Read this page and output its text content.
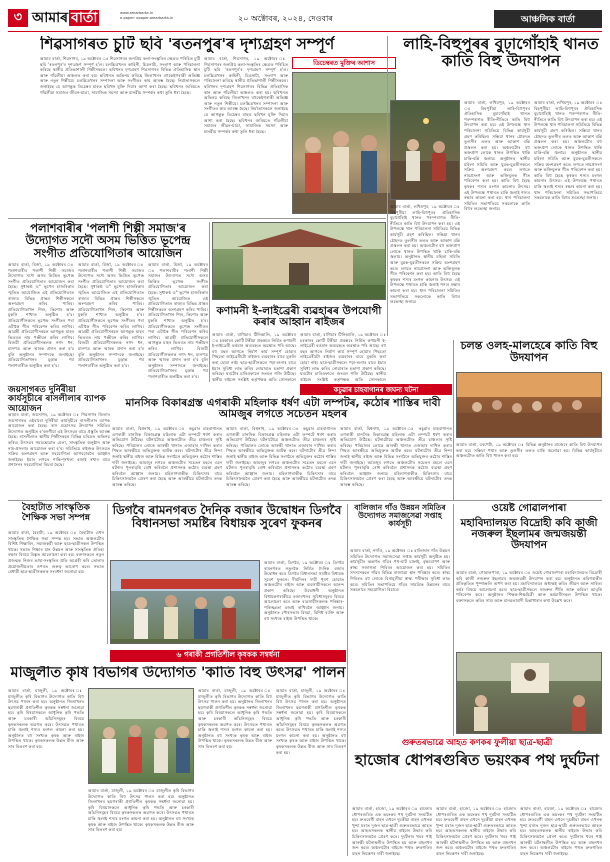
৩ আমাৰ বাৰ্তা	www.amarbarta.in
e-paper: epaper.amarbarta.in	২০ অক্টোবৰ, ২০২৪, দেওবাৰ	আঞ্চলিক বাৰ্তা
শিৱসাগৰত চুটি ছবি 'ৰতনপুৰ'ৰ দৃশ্যগ্ৰহণ সম্পূৰ্ণ
আমাৰ বাৰ্তা, শিৱসাগৰ, ১৯ অক্টোবৰ ঃ শিৱসাগৰৰ জনপ্ৰিয় কলা-সংস্কৃতিৰ ক্ষেত্ৰত পৰিচিত চুটি ছবি 'ৰতনপুৰ'ৰ দৃশ্যগ্ৰহণ সম্পূৰ্ণ হ'ল। চলচ্চিত্ৰখনৰ কাহিনী, চিত্ৰনাট্য, সংলাপ আৰু পৰিচালনা কৰিছে স্থানীয় প্ৰতিভাশালী শিল্পীসকলে। ছবিখনৰ দৃশ্যগ্ৰহণ শিৱসাগৰৰ বিভিন্ন ঐতিহাসিক স্থান আৰু গাঁৱলীয়া অঞ্চলত কৰা হয়। ছবিখনত অভিনয় কৰিছে জিলাখনৰ বহুকেইগৰাকী অভিজ্ঞ আৰু নতুন শিল্পীয়ে। চলচ্চিত্ৰখনৰ সম্পাদনা আৰু সংগীতৰ কাম আৰম্ভ হৈছে। নিৰ্মাতাসকলে জনাইছে যে আগন্তুক ডিচেম্বৰ মাহত ছবিখন মুক্তি দিয়াৰ আশা কৰা হৈছে। ছবিখনৰ জৰিয়তে গাঁৱলীয়া সমাজৰ জীৱন-যাত্ৰা, সামাজিক সমস্যা আৰু মানৱীয় সম্পৰ্কৰ কথা তুলি ধৰা হৈছে।
আমাৰ বাৰ্তা, শিৱসাগৰ, ১৯ অক্টোবৰ ঃ শিৱসাগৰৰ জনপ্ৰিয় কলা-সংস্কৃতিৰ ক্ষেত্ৰত পৰিচিত চুটি ছবি 'ৰতনপুৰ'ৰ দৃশ্যগ্ৰহণ সম্পূৰ্ণ হ'ল। চলচ্চিত্ৰখনৰ কাহিনী, চিত্ৰনাট্য, সংলাপ আৰু পৰিচালনা কৰিছে স্থানীয় প্ৰতিভাশালী শিল্পীসকলে। ছবিখনৰ দৃশ্যগ্ৰহণ শিৱসাগৰৰ বিভিন্ন ঐতিহাসিক স্থান আৰু গাঁৱলীয়া অঞ্চলত কৰা হয়। ছবিখনত অভিনয় কৰিছে জিলাখনৰ বহুকেইগৰাকী অভিজ্ঞ আৰু নতুন শিল্পীয়ে। চলচ্চিত্ৰখনৰ সম্পাদনা আৰু সংগীতৰ কাম আৰম্ভ হৈছে। নিৰ্মাতাসকলে জনাইছে যে আগন্তুক ডিচেম্বৰ মাহত ছবিখন মুক্তি দিয়াৰ আশা কৰা হৈছে। ছবিখনৰ জৰিয়তে গাঁৱলীয়া সমাজৰ জীৱন-যাত্ৰা, সামাজিক সমস্যা আৰু মানৱীয় সম্পৰ্কৰ কথা তুলি ধৰা হৈছে।
ডিচেম্বৰত মুক্তিৰ আশাস
লাহি-বিহুপুৰৰ বুঢ়াগোঁহাই থানত কাতি বিহু উদযাপন
আমাৰ বাৰ্তা, লখিমপুৰ, ১৯ অক্টোবৰ ঃ বিহপুৰীয়া লাহি-বিহুপুৰৰ ঐতিহাসিক বুঢ়াগোঁহাই থানত পৰম্পৰাগত ৰীতি-নীতিৰে কাতি বিহু উদযাপন কৰা হয়। এই উপলক্ষে থান পৰিচালনা সমিতিয়ে বিভিন্ন কাৰ্যসূচী গ্ৰহণ কৰিছিল। সন্ধিয়া থানৰ চৌহদত তুলসীৰ তলত আৰু আকাশ বন্তি প্ৰজ্বলন কৰা হয়। অঞ্চলটোৰ বহু ভক্তপ্ৰাণ লোকে থানত উপস্থিত থাকি চাকি-বন্তি জ্বলায়। অনুষ্ঠানত স্থানীয় মহিলা সমিতি আৰু যুৱক-যুৱতীসকলে সক্ৰিয় অংশগ্ৰহণ কৰে। লগতে নামপ্ৰসংগ আৰু ভক্তিমূলক গীত পৰিবেশন কৰা হয়। কাতি বিহু হৈছে কৃষকৰ শস্যৰ মংগল কামনাৰ উৎসৱ। এই উপলক্ষে পথাৰত চাকি জ্বলাই শস্যৰ ৰক্ষাৰ কামনা কৰা হয়। থান পৰিচালনা সমিতিৰ সভাপতিয়ে সকলোকে কাতি বিহুৰ শুভেচ্ছা জনায়।
আমাৰ বাৰ্তা, লখিমপুৰ, ১৯ অক্টোবৰ ঃ বিহপুৰীয়া লাহি-বিহুপুৰৰ ঐতিহাসিক বুঢ়াগোঁহাই থানত পৰম্পৰাগত ৰীতি-নীতিৰে কাতি বিহু উদযাপন কৰা হয়। এই উপলক্ষে থান পৰিচালনা সমিতিয়ে বিভিন্ন কাৰ্যসূচী গ্ৰহণ কৰিছিল। সন্ধিয়া থানৰ চৌহদত তুলসীৰ তলত আৰু আকাশ বন্তি প্ৰজ্বলন কৰা হয়। অঞ্চলটোৰ বহু ভক্তপ্ৰাণ লোকে থানত উপস্থিত থাকি চাকি-বন্তি জ্বলায়। অনুষ্ঠানত স্থানীয় মহিলা সমিতি আৰু যুৱক-যুৱতীসকলে সক্ৰিয় অংশগ্ৰহণ কৰে। লগতে নামপ্ৰসংগ আৰু ভক্তিমূলক গীত পৰিবেশন কৰা হয়। কাতি বিহু হৈছে কৃষকৰ শস্যৰ মংগল কামনাৰ উৎসৱ। এই উপলক্ষে পথাৰত চাকি জ্বলাই শস্যৰ ৰক্ষাৰ কামনা কৰা হয়। থান পৰিচালনা সমিতিৰ সভাপতিয়ে সকলোকে কাতি বিহুৰ শুভেচ্ছা জনায়।
আমাৰ বাৰ্তা, লখিমপুৰ, ১৯ অক্টোবৰ ঃ বিহপুৰীয়া লাহি-বিহুপুৰৰ ঐতিহাসিক বুঢ়াগোঁহাই থানত পৰম্পৰাগত ৰীতি-নীতিৰে কাতি বিহু উদযাপন কৰা হয়। এই উপলক্ষে থান পৰিচালনা সমিতিয়ে বিভিন্ন কাৰ্যসূচী গ্ৰহণ কৰিছিল। সন্ধিয়া থানৰ চৌহদত তুলসীৰ তলত আৰু আকাশ বন্তি প্ৰজ্বলন কৰা হয়। অঞ্চলটোৰ বহু ভক্তপ্ৰাণ লোকে থানত উপস্থিত থাকি চাকি-বন্তি জ্বলায়। অনুষ্ঠানত স্থানীয় মহিলা সমিতি আৰু যুৱক-যুৱতীসকলে সক্ৰিয় অংশগ্ৰহণ কৰে। লগতে নামপ্ৰসংগ আৰু ভক্তিমূলক গীত পৰিবেশন কৰা হয়। কাতি বিহু হৈছে কৃষকৰ শস্যৰ মংগল কামনাৰ উৎসৱ। এই উপলক্ষে পথাৰত চাকি জ্বলাই শস্যৰ ৰক্ষাৰ কামনা কৰা হয়। থান পৰিচালনা সমিতিৰ সভাপতিয়ে সকলোকে কাতি বিহুৰ শুভেচ্ছা জনায়।
পলাশবাৰীৰ 'পলাশী শিল্পী সমাজ'ৰ উদ্যোগত সদৌ অসম ভিত্তিত ভূপেন্দ্ৰ সংগীত প্ৰতিযোগিতাৰ আয়োজন
আমাৰ বাৰ্তা, মিৰ্জা, ১৯ অক্টোবৰ ঃ পলাশবাৰীৰ পলাশী শিল্পী সমাজৰ উদ্যোগত সদৌ অসম ভিত্তিত ভূপেন্দ্ৰ সংগীত প্ৰতিযোগিতাৰ আয়োজন কৰা হৈছে। সুধাকণ্ঠ ড° ভূপেন হাজৰিকাৰ স্মৃতিত আয়োজিত এই প্ৰতিযোগিতাত ৰাজ্যৰ বিভিন্ন প্ৰান্তৰ শিল্পীসকলে অংশগ্ৰহণ কৰিব পাৰিব। প্ৰতিযোগিতাখন শিশু, কিশোৰ আৰু মুকলি শাখাত অনুষ্ঠিত হ'ব। প্ৰতিযোগীসকলে ভূপেন্দ্ৰ সংগীতৰ পৰা এটাকৈ গীত পৰিবেশন কৰিব লাগিব। আগ্ৰহী প্ৰতিযোগীসকলে আগন্তুক মাহৰ ভিতৰত নাম পঞ্জীয়ন কৰিব লাগিব। বিজয়ী প্ৰতিযোগীসকলক নগদ ধন, মানপত্ৰ আৰু স্মাৰক প্ৰদান কৰা হ'ব বুলি অনুষ্ঠানৰ সম্পাদকে জনাইছে। প্ৰতিযোগিতাখনৰ চূড়ান্ত পৰ্ব পলাশবাৰীত অনুষ্ঠিত কৰা হ'ব।
আমাৰ বাৰ্তা, মিৰ্জা, ১৯ অক্টোবৰ ঃ পলাশবাৰীৰ পলাশী শিল্পী সমাজৰ উদ্যোগত সদৌ অসম ভিত্তিত ভূপেন্দ্ৰ সংগীত প্ৰতিযোগিতাৰ আয়োজন কৰা হৈছে। সুধাকণ্ঠ ড° ভূপেন হাজৰিকাৰ স্মৃতিত আয়োজিত এই প্ৰতিযোগিতাত ৰাজ্যৰ বিভিন্ন প্ৰান্তৰ শিল্পীসকলে অংশগ্ৰহণ কৰিব পাৰিব। প্ৰতিযোগিতাখন শিশু, কিশোৰ আৰু মুকলি শাখাত অনুষ্ঠিত হ'ব। প্ৰতিযোগীসকলে ভূপেন্দ্ৰ সংগীতৰ পৰা এটাকৈ গীত পৰিবেশন কৰিব লাগিব। আগ্ৰহী প্ৰতিযোগীসকলে আগন্তুক মাহৰ ভিতৰত নাম পঞ্জীয়ন কৰিব লাগিব। বিজয়ী প্ৰতিযোগীসকলক নগদ ধন, মানপত্ৰ আৰু স্মাৰক প্ৰদান কৰা হ'ব বুলি অনুষ্ঠানৰ সম্পাদকে জনাইছে। প্ৰতিযোগিতাখনৰ চূড়ান্ত পৰ্ব পলাশবাৰীত অনুষ্ঠিত কৰা হ'ব।
আমাৰ বাৰ্তা, মিৰ্জা, ১৯ অক্টোবৰ ঃ পলাশবাৰীৰ পলাশী শিল্পী সমাজৰ উদ্যোগত সদৌ অসম ভিত্তিত ভূপেন্দ্ৰ সংগীত প্ৰতিযোগিতাৰ আয়োজন কৰা হৈছে। সুধাকণ্ঠ ড° ভূপেন হাজৰিকাৰ স্মৃতিত আয়োজিত এই প্ৰতিযোগিতাত ৰাজ্যৰ বিভিন্ন প্ৰান্তৰ শিল্পীসকলে অংশগ্ৰহণ কৰিব পাৰিব। প্ৰতিযোগিতাখন শিশু, কিশোৰ আৰু মুকলি শাখাত অনুষ্ঠিত হ'ব। প্ৰতিযোগীসকলে ভূপেন্দ্ৰ সংগীতৰ পৰা এটাকৈ গীত পৰিবেশন কৰিব লাগিব। আগ্ৰহী প্ৰতিযোগীসকলে আগন্তুক মাহৰ ভিতৰত নাম পঞ্জীয়ন কৰিব লাগিব। বিজয়ী প্ৰতিযোগীসকলক নগদ ধন, মানপত্ৰ আৰু স্মাৰক প্ৰদান কৰা হ'ব বুলি অনুষ্ঠানৰ সম্পাদকে জনাইছে। প্ৰতিযোগিতাখনৰ চূড়ান্ত পৰ্ব পলাশবাৰীত অনুষ্ঠিত কৰা হ'ব।
কণামনী ই-লাইব্ৰেৰী ব্যৱহাৰৰ উপযোগী কৰাৰ আহ্বান ৰাইজৰ
আমাৰ বাৰ্তা, বাগিচাৰ টিনিআলি, ১৯ অক্টোবৰ ঃ চৰকাৰৰ কোটি টকীয়া প্ৰকল্পৰে নিৰ্মিত কণামনী ই-লাইব্ৰেৰী বৰ্তমান অব্যৱহৃত অৱস্থাত পৰি আছে। বহু বছৰ আগতে নিৰ্মাণ কাৰ্য সম্পূৰ্ণ হোৱাৰ পিছতো লাইব্ৰেৰীটো ৰাইজৰ ব্যৱহাৰৰ বাবে মুকলি কৰা হোৱা নাই। ছাত্ৰ-ছাত্ৰীসকলে পঢ়া-শুনাৰ বাবে ইয়াৰ সুবিধা লাভ কৰিব নোৱাৰাত হতাশা প্ৰকাশ কৰিছে। ঘৰটোৰ চাৰিওফালে জংঘল গজি উঠিছে। স্থানীয় ৰাইজে সংশ্লিষ্ট কৰ্তৃপক্ষক অতি সোনকালে
আমাৰ বাৰ্তা, বাগিচাৰ টিনিআলি, ১৯ অক্টোবৰ ঃ চৰকাৰৰ কোটি টকীয়া প্ৰকল্পৰে নিৰ্মিত কণামনী ই-লাইব্ৰেৰী বৰ্তমান অব্যৱহৃত অৱস্থাত পৰি আছে। বহু বছৰ আগতে নিৰ্মাণ কাৰ্য সম্পূৰ্ণ হোৱাৰ পিছতো লাইব্ৰেৰীটো ৰাইজৰ ব্যৱহাৰৰ বাবে মুকলি কৰা হোৱা নাই। ছাত্ৰ-ছাত্ৰীসকলে পঢ়া-শুনাৰ বাবে ইয়াৰ সুবিধা লাভ কৰিব নোৱাৰাত হতাশা প্ৰকাশ কৰিছে। ঘৰটোৰ চাৰিওফালে জংঘল গজি উঠিছে। স্থানীয় ৰাইজে সংশ্লিষ্ট কৰ্তৃপক্ষক অতি সোনকালে
চলন্ত ওলহ-মালহেৰে কাতি বিহু উদযাপন
আমাৰ বাৰ্তা, বৰপেটা, ১৯ অক্টোবৰ ঃ বিভিন্ন অনুষ্ঠানৰ মাজেৰে কাতি বিহু উদযাপন কৰা হয়। সন্ধিয়া পথাৰ আৰু তুলসীৰ তলত চাকি জ্বলোৱা হয়। বিভিন্ন কাৰ্যসূচীৰে অঞ্চলটোত কাতি বিহু পালন কৰা হয়।
কচুৱাৰ চাহবাগানৰ জঘন্য ঘটনা
মানসিক বিকাৰগ্ৰস্ত এগৰাকী মহিলাক ধৰ্ষণ এটা লম্পটৰ, কঠোৰ শাস্তিৰ দাবী আমজুৰ লগতে সচেতন মহলৰ
জয়সাগৰত দুৰ্নিৰীয়া কাৰ্যসূচীৰে ৰাসলীলাৰ ব্যাপক আয়োজন
আমাৰ বাৰ্তা, জয়সাগৰ, ১৯ অক্টোবৰ ঃ শিৱসাগৰ জিলাৰ জয়সাগৰত এইবাৰো দুৰ্নিৰীয়া কাৰ্যসূচীৰে ৰাসলীলাৰ ব্যাপক আয়োজন কৰা হৈছে। ৰাস মহোৎসৱ উদযাপন সমিতিৰ উদ্যোগত অনুষ্ঠিত হ'বলগীয়া এই উৎসৱৰ বাবে প্ৰস্তুতি আৰম্ভ হৈছে। ৰাসলীলাত স্থানীয় শিল্পীসকলে বিভিন্ন চৰিত্ৰত অভিনয় কৰিব। উৎসৱৰ সময়ছোৱাত মেলা, সাংস্কৃতিক অনুষ্ঠান আৰু নাম-প্ৰসংগৰ আয়োজন কৰা হ'ব। সমিতিয়ে ৰাইজক উৎসৱত সক্ৰিয় অংশগ্ৰহণ আৰু সহযোগিতা আগবঢ়াবলৈ আহ্বান জনাইছে। ইয়াৰ লগতে শান্তি-শৃংখলা বজাই ৰখাৰ বাবে প্ৰশাসনৰ সহযোগিতা বিচৰা হৈছে।
আমাৰ বাৰ্তা, বিশ্বনাথ, ১৯ অক্টোবৰ ঃ কচুৱাৰ চাহবাগানত এগৰাকী মানসিক বিকাৰগ্ৰস্ত মহিলাক এটা লম্পটে ধৰ্ষণ কৰাৰ অভিযোগ উঠিছে। ঘটনাটোৱে অঞ্চলটোত তীব্ৰ চাঞ্চল্যৰ সৃষ্টি কৰিছে। পৰিয়ালৰ লোকে আৰক্ষী থানাত এজাহাৰ দাখিল কৰাৰ পিছত আৰক্ষীয়ে অভিযুক্তক আটক কৰে। ঘটনাটোৰ তীব্ৰ নিন্দা জনাই স্থানীয় ৰাইজ আৰু বিভিন্ন সংগঠনে অভিযুক্তৰ কঠোৰ শাস্তিৰ দাবী জনাইছে। আমজুৰ লগতে অঞ্চলটোৰ সচেতন মহলে এনে ঘটনাৰ পুনৰাবৃত্তি ৰোধ কৰিবলৈ প্ৰশাসনক কঠোৰ ব্যৱস্থা গ্ৰহণ কৰিবলৈ আহ্বান জনায়। মহিলাগৰাকীক চিকিৎসাৰ বাবে চিকিৎসালয়লৈ প্ৰেৰণ কৰা হৈছে আৰু আৰক্ষীয়ে ঘটনাটোৰ তদন্ত আৰম্ভ কৰিছে।
আমাৰ বাৰ্তা, বিশ্বনাথ, ১৯ অক্টোবৰ ঃ কচুৱাৰ চাহবাগানত এগৰাকী মানসিক বিকাৰগ্ৰস্ত মহিলাক এটা লম্পটে ধৰ্ষণ কৰাৰ অভিযোগ উঠিছে। ঘটনাটোৱে অঞ্চলটোত তীব্ৰ চাঞ্চল্যৰ সৃষ্টি কৰিছে। পৰিয়ালৰ লোকে আৰক্ষী থানাত এজাহাৰ দাখিল কৰাৰ পিছত আৰক্ষীয়ে অভিযুক্তক আটক কৰে। ঘটনাটোৰ তীব্ৰ নিন্দা জনাই স্থানীয় ৰাইজ আৰু বিভিন্ন সংগঠনে অভিযুক্তৰ কঠোৰ শাস্তিৰ দাবী জনাইছে। আমজুৰ লগতে অঞ্চলটোৰ সচেতন মহলে এনে ঘটনাৰ পুনৰাবৃত্তি ৰোধ কৰিবলৈ প্ৰশাসনক কঠোৰ ব্যৱস্থা গ্ৰহণ কৰিবলৈ আহ্বান জনায়। মহিলাগৰাকীক চিকিৎসাৰ বাবে চিকিৎসালয়লৈ প্ৰেৰণ কৰা হৈছে আৰু আৰক্ষীয়ে ঘটনাটোৰ তদন্ত আৰম্ভ কৰিছে।
আমাৰ বাৰ্তা, বিশ্বনাথ, ১৯ অক্টোবৰ ঃ কচুৱাৰ চাহবাগানত এগৰাকী মানসিক বিকাৰগ্ৰস্ত মহিলাক এটা লম্পটে ধৰ্ষণ কৰাৰ অভিযোগ উঠিছে। ঘটনাটোৱে অঞ্চলটোত তীব্ৰ চাঞ্চল্যৰ সৃষ্টি কৰিছে। পৰিয়ালৰ লোকে আৰক্ষী থানাত এজাহাৰ দাখিল কৰাৰ পিছত আৰক্ষীয়ে অভিযুক্তক আটক কৰে। ঘটনাটোৰ তীব্ৰ নিন্দা জনাই স্থানীয় ৰাইজ আৰু বিভিন্ন সংগঠনে অভিযুক্তৰ কঠোৰ শাস্তিৰ দাবী জনাইছে। আমজুৰ লগতে অঞ্চলটোৰ সচেতন মহলে এনে ঘটনাৰ পুনৰাবৃত্তি ৰোধ কৰিবলৈ প্ৰশাসনক কঠোৰ ব্যৱস্থা গ্ৰহণ কৰিবলৈ আহ্বান জনায়। মহিলাগৰাকীক চিকিৎসাৰ বাবে চিকিৎসালয়লৈ প্ৰেৰণ কৰা হৈছে আৰু আৰক্ষীয়ে ঘটনাটোৰ তদন্ত আৰম্ভ কৰিছে।
বৈহাটাত সাংস্কৃতিক শৈক্ষিক সভা সম্পন্ন
আমাৰ বাৰ্তা, বৈহাটা, ১৯ অক্টোবৰ ঃ বৈহাটাত এখন সাংস্কৃতিক শৈক্ষিক সভা সম্পন্ন হয়। সভাত অঞ্চলটোৰ বিশিষ্ট শিক্ষাবিদ, সমাজকৰ্মী আৰু ছাত্ৰ-ছাত্ৰীসকল উপস্থিত থাকে। সভাত শিক্ষাৰ মান উন্নয়ন আৰু সাংস্কৃতিক ঐতিহ্য ৰক্ষাৰ বিষয়ে বিস্তৃত আলোচনা কৰা হয়। বক্তাসকলে নতুন প্ৰজন্মক নিজৰ ভাষা-সংস্কৃতিৰ প্ৰতি আগ্ৰহী কৰি তোলাৰ প্ৰয়োজনীয়তাৰ ওপৰত গুৰুত্ব আৰোপ কৰে। সভাত মেধাৱী ছাত্ৰ-ছাত্ৰীসকলক সংবৰ্ধনা জনোৱা হয়।
ডিগবৈ ৰামনগৰত দৈনিক বজাৰ উদ্বোধন ডিগবৈ বিধানসভা সমষ্টিৰ বিধায়ক সুৰেণ ফুকনৰ
আমাৰ বাৰ্তা, ডিগবৈ, ১৯ অক্টোবৰ ঃ ডিগবৈ ৰামনগৰত নতুনকৈ নিৰ্মিত দৈনিক বজাৰ উদ্বোধন কৰে ডিগবৈ বিধানসভা সমষ্টিৰ বিধায়ক সুৰেণ ফুকনে। দীৰ্ঘদিনৰ দাবী পূৰণ হোৱাত অঞ্চলটোৰ ৰাইজ আৰু ব্যৱসায়ীসকলে আনন্দ প্ৰকাশ কৰিছে। উদ্বোধনী অনুষ্ঠানত বিধায়কগৰাকীয়ে বজাৰখনৰ সুবিধাসমূহৰ বিষয়ে আলোচনা কৰে আৰু ব্যৱসায়ীসকলক পৰিষ্কাৰ-পৰিচ্ছন্নতা বজাই ৰাখিবলৈ আহ্বান জনায়। অনুষ্ঠানত পৌৰসভাৰ বিষয়া, বিশিষ্ট ব্যক্তি আৰু বহু সংখ্যক ৰাইজ উপস্থিত থাকে।
বালিজান গাঁও উন্নয়ন সমিতিৰ উদ্যোগত সমাজসেৱা সপ্তাহ কাৰ্যসূচী
আমাৰ বাৰ্তা, নগাঁও, ১৯ অক্টোবৰ ঃ বালিজান গাঁও উন্নয়ন সমিতিৰ উদ্যোগত সমাজসেৱা সপ্তাহ কাৰ্যসূচী অনুষ্ঠিত হয়। কাৰ্যসূচীৰ অন্তৰ্গত গাঁৱৰ পথ-ঘাট চাফাই, বৃক্ষৰোপণ আৰু স্বাস্থ্য সজাগতা শিবিৰৰ আয়োজন কৰা হয়। সমিতিৰ সদস্যসকলে গাঁৱৰ বিভিন্ন ৰাজহুৱা স্থান পৰিষ্কাৰ কৰে। স্বাস্থ্য শিবিৰত বহু লোকে বিনামূলীয়া স্বাস্থ্য পৰীক্ষাৰ সুবিধা লাভ কৰে। সমিতিৰ সভাপতিয়ে গাঁৱৰ সামগ্ৰিক উন্নয়নৰ বাবে সকলোৰে সহযোগিতা বিচাৰে।
ওয়েষ্ট গোৱালপাৰা
মহাবিদ্যালয়ত বিদ্ৰোহী কবি কাজী নজৰুল ইছলামৰ জন্মজয়ন্তী উদযাপন
আমাৰ বাৰ্তা, গোৱালপাৰা, ১৯ অক্টোবৰ ঃ ওয়েষ্ট গোৱালপাৰা মহাবিদ্যালয়ত বিদ্ৰোহী কবি কাজী নজৰুল ইছলামৰ জন্মজয়ন্তী উদযাপন কৰা হয়। অনুষ্ঠানত কবিগৰাকীৰ প্ৰতিকৃতিত পুষ্পাঞ্জলি অৰ্পণ কৰা হয়। মহাবিদ্যালয়ৰ অধ্যক্ষই কবিৰ জীৱন আৰু সাহিত্য কৰ্মৰ বিষয়ে আলোচনা কৰে। ছাত্ৰ-ছাত্ৰীসকলে নজৰুল গীতি আৰু কবিতা আবৃত্তি পৰিবেশন কৰে। অনুষ্ঠানত শিক্ষক-শিক্ষয়িত্ৰী আৰু কৰ্মচাৰীসকল উপস্থিত থাকে। বক্তাসকলে কবিৰ সাম্য আৰু মানৱতাবাদী চিন্তাধাৰাৰ কথা উল্লেখ কৰে।
৬ গৰাকী প্ৰগতিশীল কৃষকক সম্বৰ্ধনা
মাজুলীত কৃষি বিভাগৰ উদ্যোগত 'কাতি বিহু উৎসৱ' পালন
আমাৰ বাৰ্তা, মাজুলী, ১৯ অক্টোবৰ ঃ মাজুলীত কৃষি বিভাগৰ উদ্যোগত কাতি বিহু উৎসৱ পালন কৰা হয়। অনুষ্ঠানত জিলাখনৰ ছয়গৰাকী প্ৰগতিশীল কৃষকক সম্বৰ্ধনা জনোৱা হয়। কৃষি বিষয়াসকলে আধুনিক কৃষি পদ্ধতি আৰু চৰকাৰী আঁচনিসমূহৰ বিষয়ে কৃষকসকলক অৱগত কৰে। উৎসৱত পথাৰত চাকি জ্বলাই শস্যৰ মংগল কামনা কৰা হয়। অনুষ্ঠানত বহু সংখ্যক কৃষক আৰু ৰাইজ উপস্থিত থাকে। কৃষকসকলক উন্নত বীজ আৰু সাৰ বিতৰণ কৰা হয়।
আমাৰ বাৰ্তা, মাজুলী, ১৯ অক্টোবৰ ঃ মাজুলীত কৃষি বিভাগৰ উদ্যোগত কাতি বিহু উৎসৱ পালন কৰা হয়। অনুষ্ঠানত জিলাখনৰ ছয়গৰাকী প্ৰগতিশীল কৃষকক সম্বৰ্ধনা জনোৱা হয়। কৃষি বিষয়াসকলে আধুনিক কৃষি পদ্ধতি আৰু চৰকাৰী আঁচনিসমূহৰ বিষয়ে কৃষকসকলক অৱগত কৰে। উৎসৱত পথাৰত চাকি জ্বলাই শস্যৰ মংগল কামনা কৰা হয়। অনুষ্ঠানত বহু সংখ্যক কৃষক আৰু ৰাইজ উপস্থিত থাকে। কৃষকসকলক উন্নত বীজ আৰু সাৰ বিতৰণ কৰা হয়।
আমাৰ বাৰ্তা, মাজুলী, ১৯ অক্টোবৰ ঃ মাজুলীত কৃষি বিভাগৰ উদ্যোগত কাতি বিহু উৎসৱ পালন কৰা হয়। অনুষ্ঠানত জিলাখনৰ ছয়গৰাকী প্ৰগতিশীল কৃষকক সম্বৰ্ধনা জনোৱা হয়। কৃষি বিষয়াসকলে আধুনিক কৃষি পদ্ধতি আৰু চৰকাৰী আঁচনিসমূহৰ বিষয়ে কৃষকসকলক অৱগত কৰে। উৎসৱত পথাৰত চাকি জ্বলাই শস্যৰ মংগল কামনা কৰা হয়। অনুষ্ঠানত বহু সংখ্যক কৃষক আৰু ৰাইজ উপস্থিত থাকে। কৃষকসকলক উন্নত বীজ আৰু সাৰ বিতৰণ কৰা হয়।
আমাৰ বাৰ্তা, মাজুলী, ১৯ অক্টোবৰ ঃ মাজুলীত কৃষি বিভাগৰ উদ্যোগত কাতি বিহু উৎসৱ পালন কৰা হয়। অনুষ্ঠানত জিলাখনৰ ছয়গৰাকী প্ৰগতিশীল কৃষকক সম্বৰ্ধনা জনোৱা হয়। কৃষি বিষয়াসকলে আধুনিক কৃষি পদ্ধতি আৰু চৰকাৰী আঁচনিসমূহৰ বিষয়ে কৃষকসকলক অৱগত কৰে। উৎসৱত পথাৰত চাকি জ্বলাই শস্যৰ মংগল কামনা কৰা হয়। অনুষ্ঠানত বহু সংখ্যক কৃষক আৰু ৰাইজ উপস্থিত থাকে। কৃষকসকলক উন্নত বীজ আৰু সাৰ বিতৰণ কৰা হয়।
গুৰুতৰভাৱে আহত কণকৰ ফুলীয়া ছাত্ৰ-ছাত্ৰী
হাজোৰ ধোপৰগুৰিত ভয়ংকৰ পথ দুৰ্ঘটনা
আমাৰ বাৰ্তা, হাজো, ১৯ অক্টোবৰ ঃ হাজোৰ ধোপৰগুৰিত এক ভয়ংকৰ পথ দুৰ্ঘটনা সংঘটিত হয়। দ্ৰুতবেগী বাহন এখনে দুচকীয়া বাহন এখনক খুন্দা মৰাত দুজন ছাত্ৰ-ছাত্ৰী গুৰুতৰভাৱে আহত হয়। আহতসকলক স্থানীয় ৰাইজে উদ্ধাৰ কৰি চিকিৎসালয়লৈ প্ৰেৰণ কৰে। দুৰ্ঘটনাৰ খবৰ পাই আৰক্ষী ঘটনাস্থলীত উপস্থিত হয় আৰু বাহনখন জব্দ কৰে। অঞ্চলটোৰ ৰাইজে পথত দ্ৰুতগতিৰ বাহন নিয়ন্ত্ৰণৰ দাবী জনাইছে।
আমাৰ বাৰ্তা, হাজো, ১৯ অক্টোবৰ ঃ হাজোৰ ধোপৰগুৰিত এক ভয়ংকৰ পথ দুৰ্ঘটনা সংঘটিত হয়। দ্ৰুতবেগী বাহন এখনে দুচকীয়া বাহন এখনক খুন্দা মৰাত দুজন ছাত্ৰ-ছাত্ৰী গুৰুতৰভাৱে আহত হয়। আহতসকলক স্থানীয় ৰাইজে উদ্ধাৰ কৰি চিকিৎসালয়লৈ প্ৰেৰণ কৰে। দুৰ্ঘটনাৰ খবৰ পাই আৰক্ষী ঘটনাস্থলীত উপস্থিত হয় আৰু বাহনখন জব্দ কৰে। অঞ্চলটোৰ ৰাইজে পথত দ্ৰুতগতিৰ বাহন নিয়ন্ত্ৰণৰ দাবী জনাইছে।
আমাৰ বাৰ্তা, হাজো, ১৯ অক্টোবৰ ঃ হাজোৰ ধোপৰগুৰিত এক ভয়ংকৰ পথ দুৰ্ঘটনা সংঘটিত হয়। দ্ৰুতবেগী বাহন এখনে দুচকীয়া বাহন এখনক খুন্দা মৰাত দুজন ছাত্ৰ-ছাত্ৰী গুৰুতৰভাৱে আহত হয়। আহতসকলক স্থানীয় ৰাইজে উদ্ধাৰ কৰি চিকিৎসালয়লৈ প্ৰেৰণ কৰে। দুৰ্ঘটনাৰ খবৰ পাই আৰক্ষী ঘটনাস্থলীত উপস্থিত হয় আৰু বাহনখন জব্দ কৰে। অঞ্চলটোৰ ৰাইজে পথত দ্ৰুতগতিৰ বাহন নিয়ন্ত্ৰণৰ দাবী জনাইছে।
